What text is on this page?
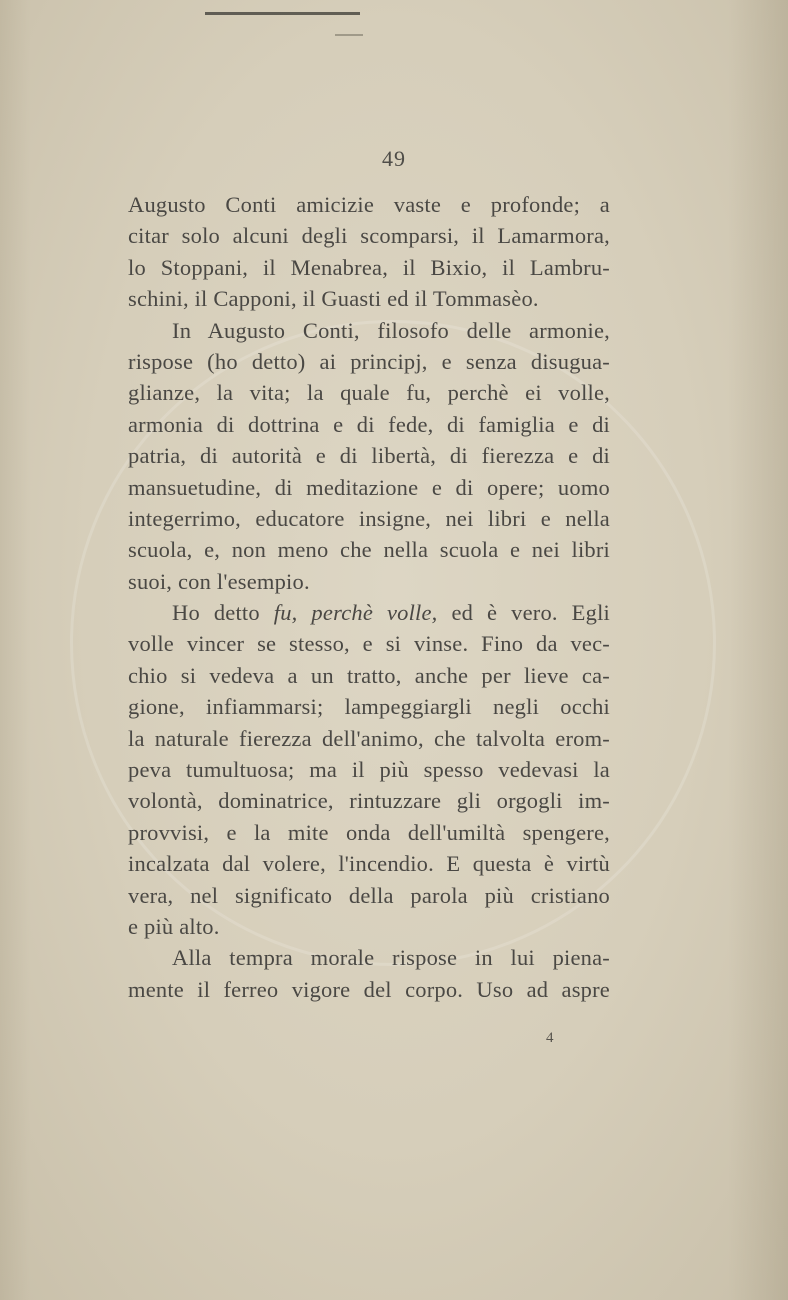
49
Augusto Conti amicizie vaste e profonde; a
citar solo alcuni degli scomparsi, il Lamarmora,
lo Stoppani, il Menabrea, il Bixio, il Lambru-
schini, il Capponi, il Guasti ed il Tommasèo.
In Augusto Conti, filosofo delle armonie,
rispose (ho detto) ai principj, e senza disugua-
glianze, la vita; la quale fu, perchè ei volle,
armonia di dottrina e di fede, di famiglia e di
patria, di autorità e di libertà, di fierezza e di
mansuetudine, di meditazione e di opere; uomo
integerrimo, educatore insigne, nei libri e nella
scuola, e, non meno che nella scuola e nei libri
suoi, con l'esempio.
Ho detto fu, perchè volle, ed è vero. Egli
volle vincer se stesso, e si vinse. Fino da vec-
chio si vedeva a un tratto, anche per lieve ca-
gione, infiammarsi; lampeggiargli negli occhi
la naturale fierezza dell'animo, che talvolta erom-
peva tumultuosa; ma il più spesso vedevasi la
volontà, dominatrice, rintuzzare gli orgogli im-
provvisi, e la mite onda dell'umiltà spengere,
incalzata dal volere, l'incendio. E questa è virtù
vera, nel significato della parola più cristiano
e più alto.
Alla tempra morale rispose in lui piena-
mente il ferreo vigore del corpo. Uso ad aspre
4
